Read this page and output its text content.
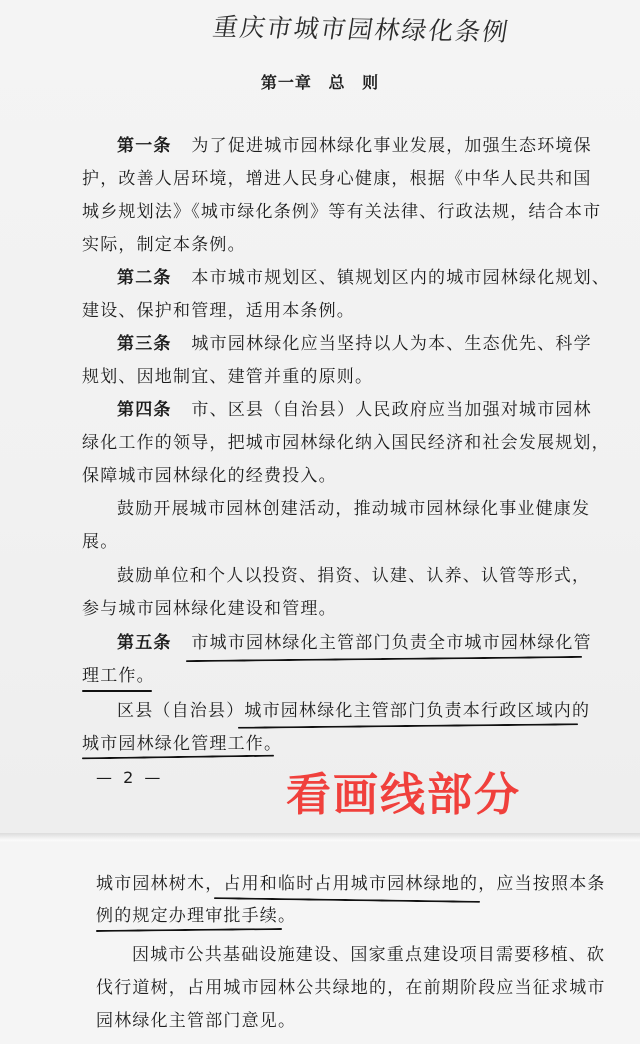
重庆市城市园林绿化条例
第一章 总 则
第一条 为了促进城市园林绿化事业发展，加强生态环境保
护，改善人居环境，增进人民身心健康，根据《中华人民共和国
城乡规划法》《城市绿化条例》等有关法律、行政法规，结合本市
实际，制定本条例。
第二条 本市城市规划区、镇规划区内的城市园林绿化规划、
建设、保护和管理，适用本条例。
第三条 城市园林绿化应当坚持以人为本、生态优先、科学
规划、因地制宜、建管并重的原则。
第四条 市、区县（自治县）人民政府应当加强对城市园林
绿化工作的领导，把城市园林绿化纳入国民经济和社会发展规划，
保障城市园林绿化的经费投入。
鼓励开展城市园林创建活动，推动城市园林绿化事业健康发
展。
鼓励单位和个人以投资、捐资、认建、认养、认管等形式，
参与城市园林绿化建设和管理。
第五条 市城市园林绿化主管部门负责全市城市园林绿化管
理工作。
区县（自治县）城市园林绿化主管部门负责本行政区域内的
城市园林绿化管理工作。
— 2 —	看画线部分
城市园林树木，占用和临时占用城市园林绿地的，应当按照本条
例的规定办理审批手续。
因城市公共基础设施建设、国家重点建设项目需要移植、砍
伐行道树，占用城市园林公共绿地的，在前期阶段应当征求城市
园林绿化主管部门意见。
